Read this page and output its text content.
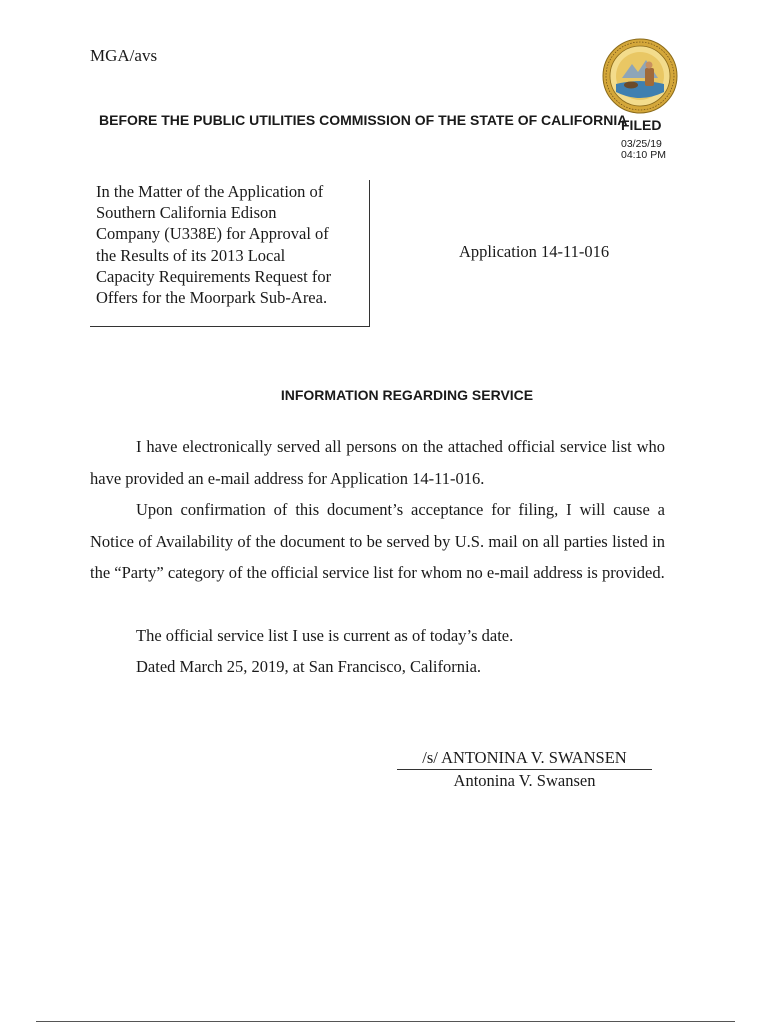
MGA/avs
BEFORE THE PUBLIC UTILITIES COMMISSION OF THE STATE OF CALIFORNIA
FILED
03/25/19
04:10 PM
In the Matter of the Application of
Southern California Edison
Company (U338E) for Approval of
the Results of its 2013 Local
Capacity Requirements Request for
Offers for the Moorpark Sub-Area.
Application 14-11-016
INFORMATION REGARDING SERVICE
I have electronically served all persons on the attached official service list who have provided an e-mail address for Application 14-11-016.
Upon confirmation of this document’s acceptance for filing, I will cause a Notice of Availability of the document to be served by U.S. mail on all parties listed in the “Party” category of the official service list for whom no e-mail address is provided.
The official service list I use is current as of today’s date.
Dated March 25, 2019, at San Francisco, California.
/s/ ANTONINA V. SWANSEN
Antonina V. Swansen
